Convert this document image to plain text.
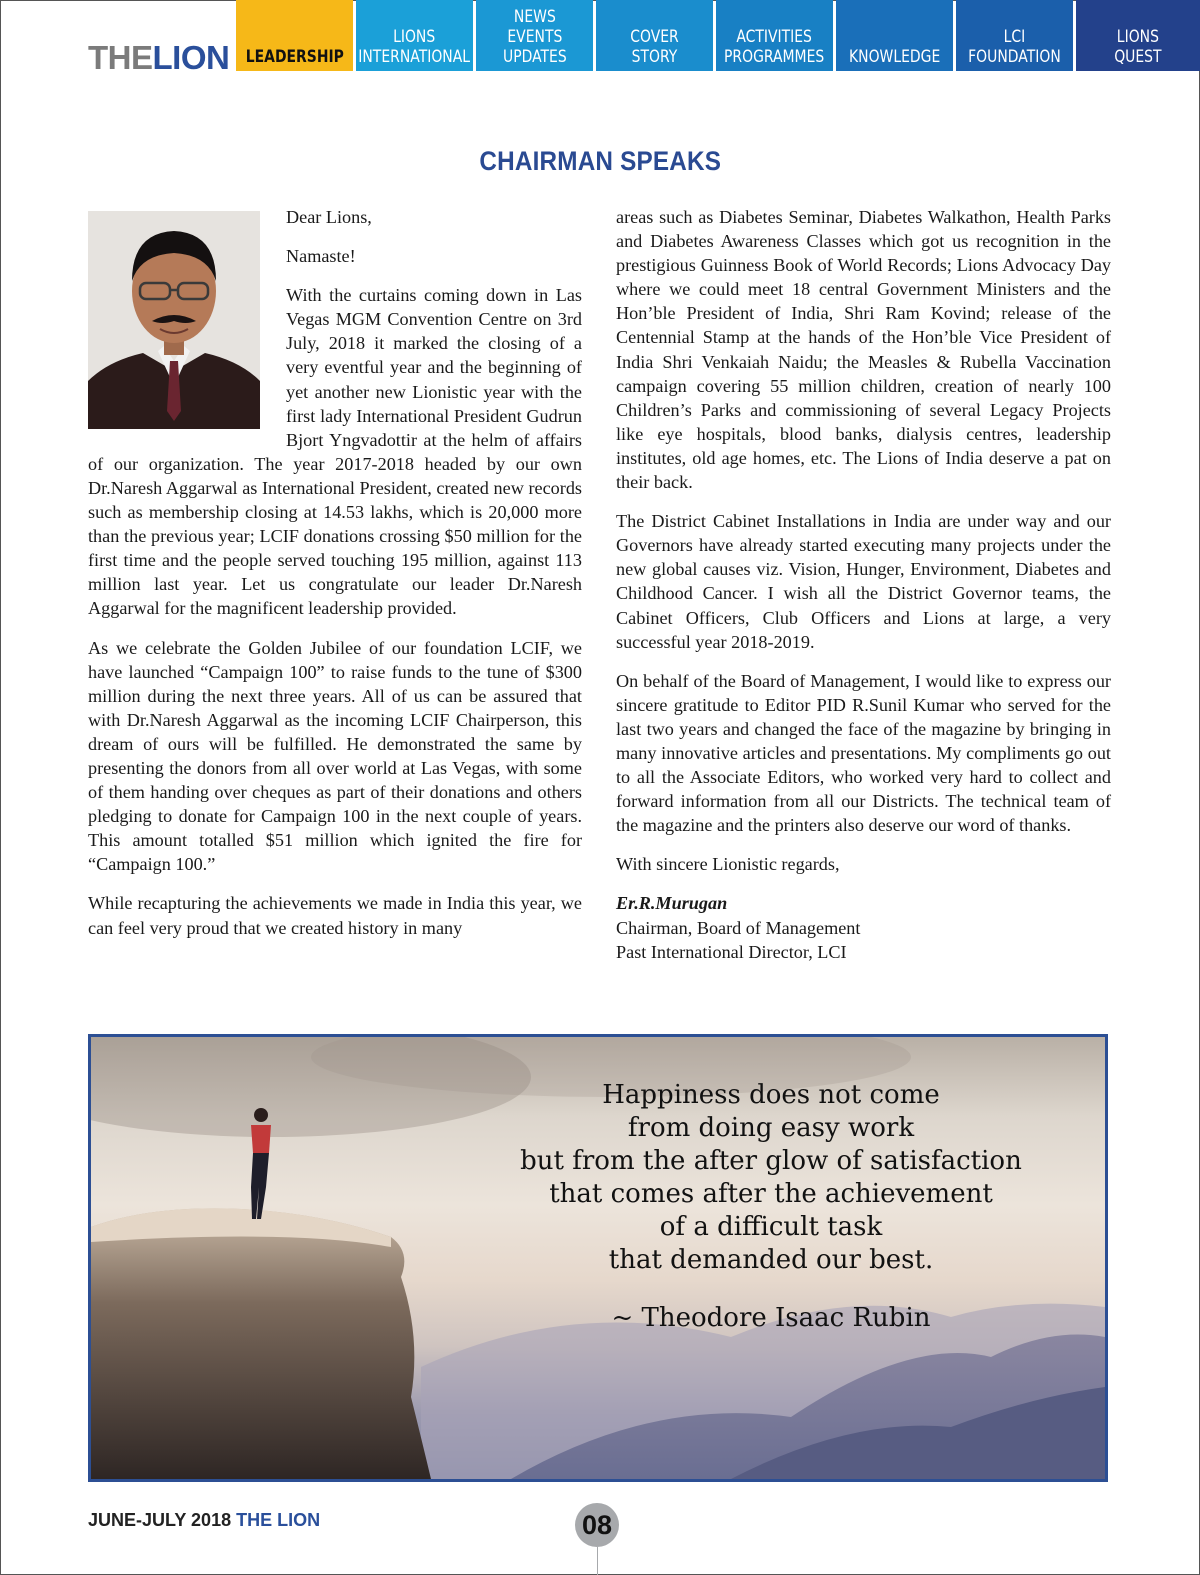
THELION LEADERSHIP
LIONS
INTERNATIONAL
NEWS
EVENTS
UPDATES
COVER STORY
ACTIVITIES
PROGRAMMES KNOWLEDGE
LCI
FOUNDATION
LIONS
QUEST
CHAIRMAN SPEAKS

Dear Lions,

Namaste!

With the curtains coming down in Las Vegas MGM Convention Centre on 3rd July, 2018 it marked the closing of a very eventful year and the beginning of yet another new Lionistic year with the first lady International President Gudrun Bjort Yngvadottir at the helm of affairs of our organization. The year 2017-2018 headed by our own Dr.Naresh Aggarwal as International President, created new records such as membership closing at 14.53 lakhs, which is 20,000 more than the previous year; LCIF donations crossing $50 million for the first time and the people served touching 195 million, against 113 million last year. Let us congratulate our leader Dr.Naresh Aggarwal for the magnificent leadership provided.

As we celebrate the Golden Jubilee of our foundation LCIF, we have launched “Campaign 100” to raise funds to the tune of $300 million during the next three years. All of us can be assured that with Dr.Naresh Aggarwal as the incoming LCIF Chairperson, this dream of ours will be fulfilled. He demonstrated the same by presenting the donors from all over world at Las Vegas, with some of them handing over cheques as part of their donations and others pledging to donate for Campaign 100 in the next couple of years. This amount totalled $51 million which ignited the fire for “Campaign 100.”

While recapturing the achievements we made in India this year, we can feel very proud that we created history in many

areas such as Diabetes Seminar, Diabetes Walkathon, Health Parks and Diabetes Awareness Classes which got us recognition in the prestigious Guinness Book of World Records; Lions Advocacy Day where we could meet 18 central Government Ministers and the Hon’ble President of India, Shri Ram Kovind; release of the Centennial Stamp at the hands of the Hon’ble Vice President of India Shri Venkaiah Naidu; the Measles & Rubella Vaccination campaign covering 55 million children, creation of nearly 100 Children’s Parks and commissioning of several Legacy Projects like eye hospitals, blood banks, dialysis centres, leadership institutes, old age homes, etc. The Lions of India deserve a pat on their back.

The District Cabinet Installations in India are under way and our Governors have already started executing many projects under the new global causes viz. Vision, Hunger, Environment, Diabetes and Childhood Cancer. I wish all the District Governor teams, the Cabinet Officers, Club Officers and Lions at large, a very successful year 2018-2019.

On behalf of the Board of Management, I would like to express our sincere gratitude to Editor PID R.Sunil Kumar who served for the last two years and changed the face of the magazine by bringing in many innovative articles and presentations. My compliments go out to all the Associate Editors, who worked very hard to collect and forward information from all our Districts. The technical team of the magazine and the printers also deserve our word of thanks.

With sincere Lionistic regards,

Er.R.Murugan
Chairman, Board of Management
Past International Director, LCI

Happiness does not come
from doing easy work
but from the after glow of satisfaction
that comes after the achievement
of a difficult task
that demanded our best.
~ Theodore Isaac Rubin
JUNE-JULY 2018 THE LION	08
